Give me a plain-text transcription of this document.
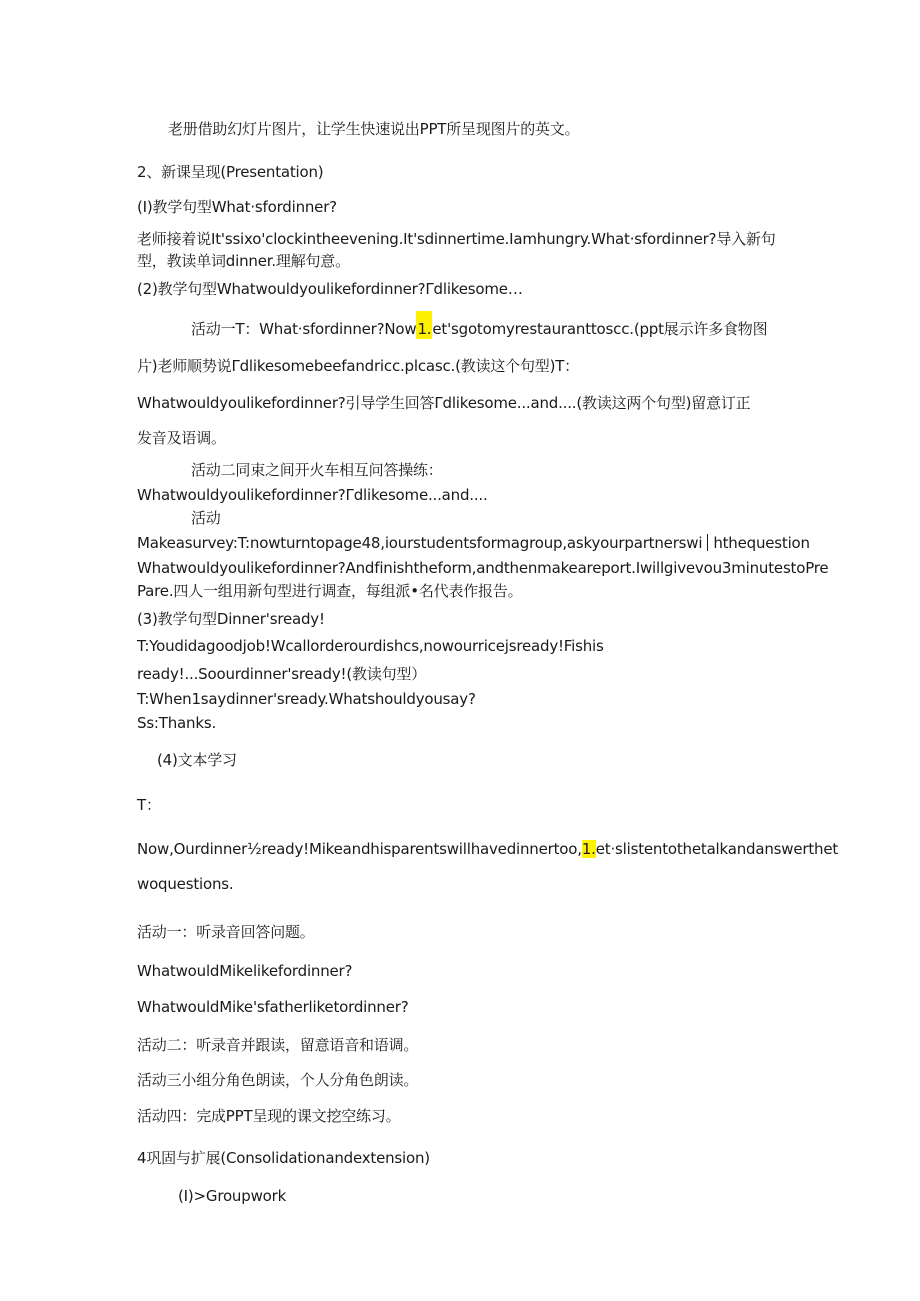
老册借助幻灯片图片，让学生快速说出PPT所呈现图片的英文。
2、新课呈现(Presentation)
(I)教学句型What·sfordinner?
老师接着说It'ssixo'clockintheevening.It'sdinnertime.Iamhungry.What·sfordinner?导入新句
型，教读单词dinner.理解句意。
(2)教学句型Whatwouldyoulikefordinner?Γdlikesome…
活动一T：What·sfordinner?Now1.et'sgotomyrestauranttoscc.(ppt展示许多食物图
片)老师顺势说Γdlikesomebeefandricc.plcasc.(教读这个句型)T：
Whatwouldyoulikefordinner?引导学生回答Γdlikesome...and....(教读这两个句型)留意订正
发音及语调。
活动二同束之间开火车相互问答操练：
Whatwouldyoulikefordinner?Γdlikesome...and....
活动
Makeasurvey:T:nowturntopage48,iourstudentsformagroup,askyourpartnerswi hthequestion
Whatwouldyoulikefordinner?Andfinishtheform,andthenmakeareport.Iwillgivevou3minutestoPre
Pare.四人一组用新句型进行调查，每组派•名代表作报告。
(3)教学句型Dinner'sready!
T:Youdidagoodjob!Wcallorderourdishcs,nowourricejsready!Fishis
ready!...Soourdinner'sready!(教读句型）
T:When1saydinner'sready.Whatshouldyousay?
Ss:Thanks.
(4)文本学习
T：
Now,Ourdinner½ready!Mikeandhisparentswillhavedinnertoo,1.et·slistentothetalkandanswerthet
woquestions.
活动一：听录音回答问题。
WhatwouldMikelikefordinner?
WhatwouldMike'sfatherliketordinner?
活动二：听录音并跟读，留意语音和语调。
活动三小组分角色朗读，个人分角色朗读。
活动四：完成PPT呈现的课文挖空练习。
4巩固与扩展(Consolidationandextension)
(I)>Groupwork
